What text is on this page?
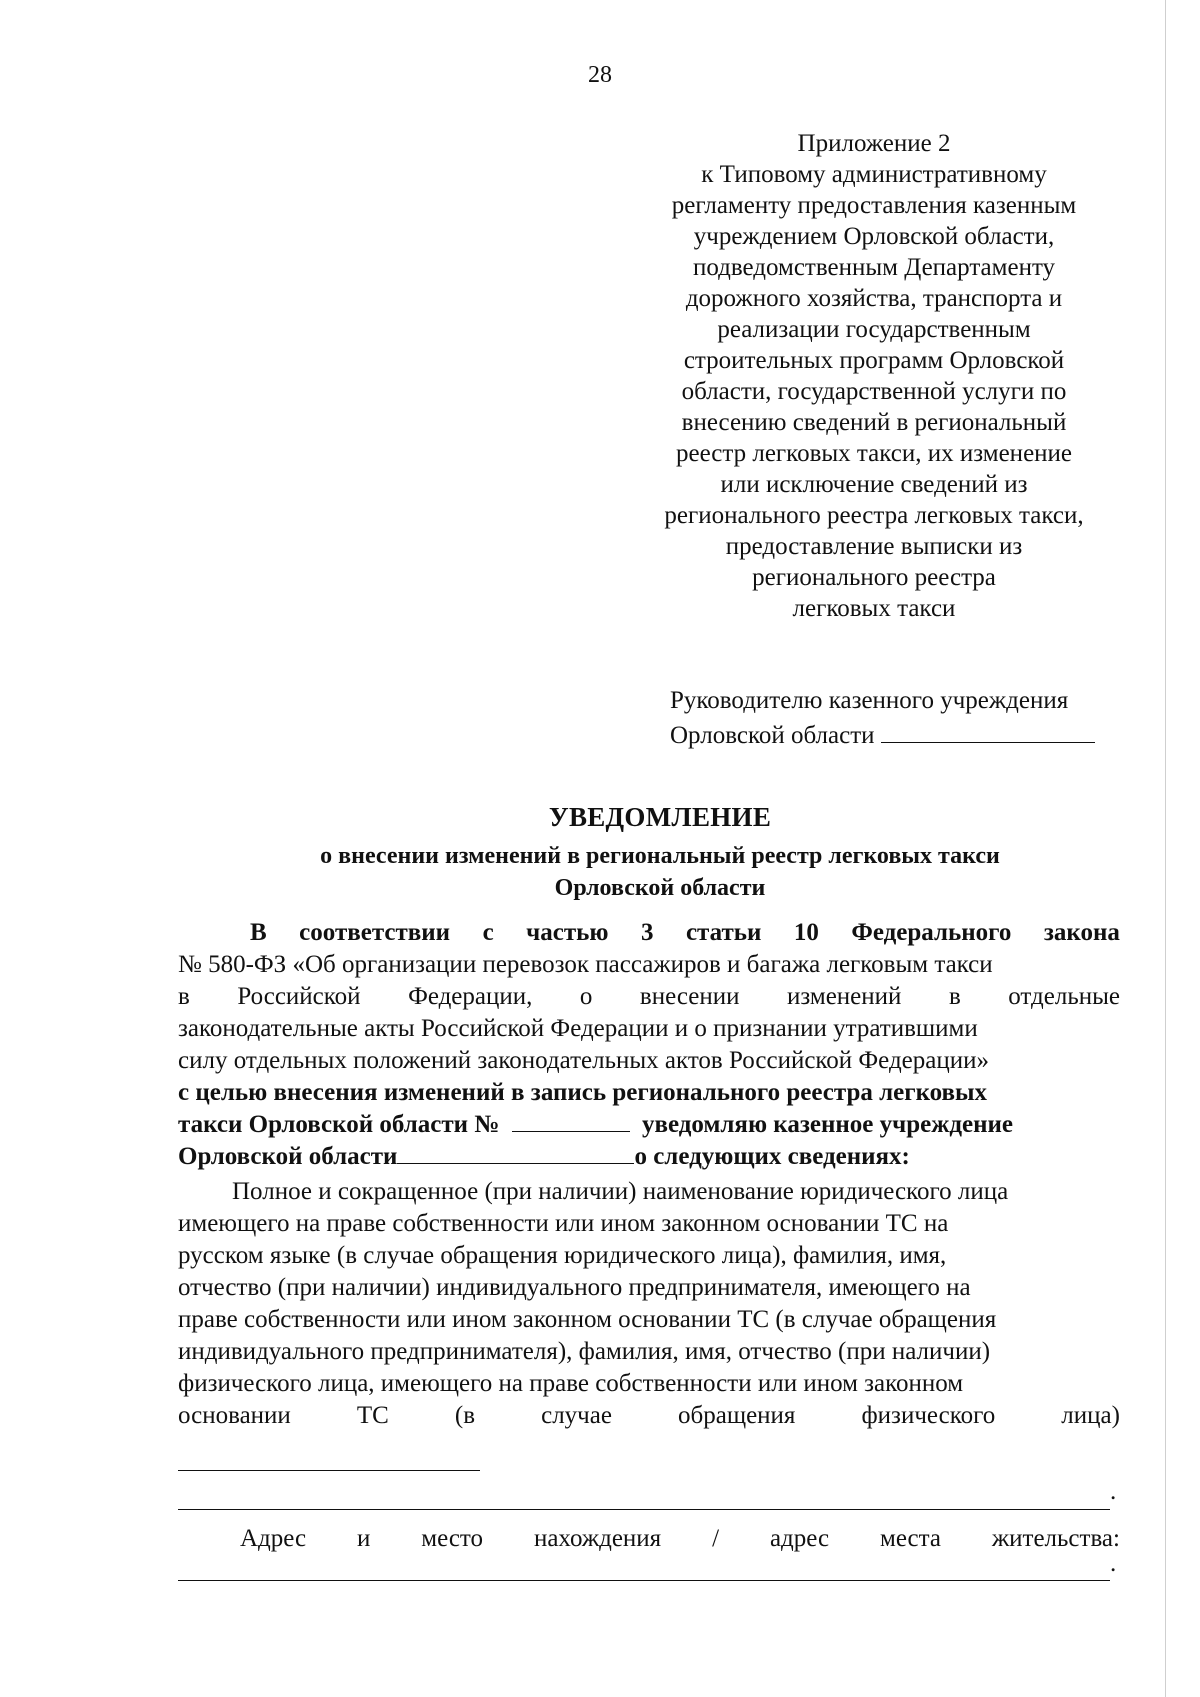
28
Приложение 2
к Типовому административному
регламенту предоставления казенным
учреждением Орловской области,
подведомственным Департаменту
дорожного хозяйства, транспорта и
реализации государственным
строительных программ Орловской
области, государственной услуги по
внесению сведений в региональный
реестр легковых такси, их изменение
или исключение сведений из
регионального реестра легковых такси,
предоставление выписки из
регионального реестра
легковых такси
Руководителю казенного учреждения
Орловской области
УВЕДОМЛЕНИЕ
о внесении изменений в региональный реестр легковых такси
Орловской области
В соответствии с частью 3 статьи 10 Федерального закона
№ 580-ФЗ «Об организации перевозок пассажиров и багажа легковым такси
в Российской Федерации, о внесении изменений в отдельные
законодательные акты Российской Федерации и о признании утратившими
силу отдельных положений законодательных актов Российской Федерации»
с целью внесения изменений в запись регионального реестра легковых
такси Орловской области №	уведомляю казенное учреждение
Орловской области	о следующих сведениях:
Полное и сокращенное (при наличии) наименование юридического лица
имеющего на праве собственности или ином законном основании ТС на
русском языке (в случае обращения юридического лица), фамилия, имя,
отчество (при наличии) индивидуального предпринимателя, имеющего на
праве собственности или ином законном основании ТС (в случае обращения
индивидуального предпринимателя), фамилия, имя, отчество (при наличии)
физического лица, имеющего на праве собственности или ином законном
основании	ТС	(в	случае	обращения	физического	лица)
.
Адрес и место нахождения / адрес места жительства:
.
